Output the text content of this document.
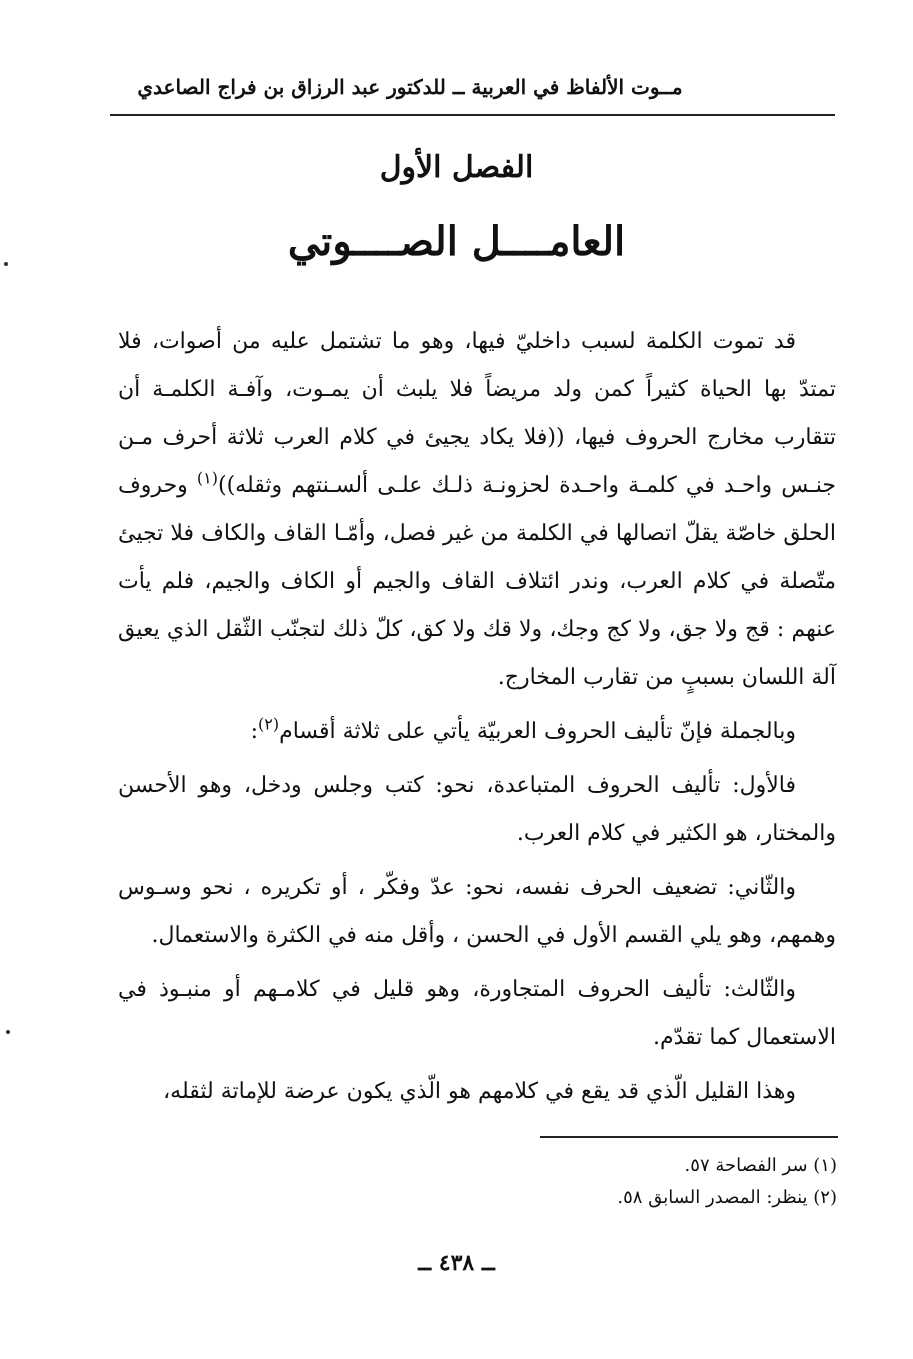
مــوت الألفاظ في العربية ــ للدكتور عبد الرزاق بن فراج الصاعدي
الفصل الأول
العامــــل الصــــوتي

قد تموت الكلمة لسبب داخليّ فيها، وهو ما تشتمل عليه من أصوات، فلا تمتدّ بها الحياة كثيراً كمن ولد مريضاً فلا يلبث أن يمـوت، وآفـة الكلمـة أن تتقارب مخارج الحروف فيها، ((فلا يكاد يجيئ في كلام العرب ثلاثة أحرف مـن جنـس واحـد في كلمـة واحـدة لحزونـة ذلـك علـى ألسـنتهم وثقله))$^{(١)}$ وحروف الحلق خاصّة يقلّ اتصالها في الكلمة من غير فصل، وأمّـا القاف والكاف فلا تجيئ متّصلة في كلام العرب، وندر ائتلاف القاف والجيم أو الكاف والجيم، فلم يأت عنهم : قج ولا جق، ولا كج وجك، ولا قك ولا كق، كلّ ذلك لتجنّب الثّقل الذي يعيق آلة اللسان بسببٍ من تقارب المخارج.

وبالجملة فإنّ تأليف الحروف العربيّة يأتي على ثلاثة أقسام$^{(٢)}$:

فالأول: تأليف الحروف المتباعدة، نحو: كتب وجلس ودخل، وهو الأحسن والمختار، هو الكثير في كلام العرب.

والثّاني: تضعيف الحرف نفسه، نحو: عدّ وفكّر ، أو تكريره ، نحو وسـوس وهمهم، وهو يلي القسم الأول في الحسن ، وأقل منه في الكثرة والاستعمال.

والثّالث: تأليف الحروف المتجاورة، وهو قليل في كلامـهم أو منبـوذ في الاستعمال كما تقدّم.

وهذا القليل الّذي قد يقع في كلامهم هو الّذي يكون عرضة للإماتة لثقله،

(١) سر الفصاحة ٥٧.
(٢) ينظر: المصدر السابق ٥٨.
ــ ٤٣٨ ــ
